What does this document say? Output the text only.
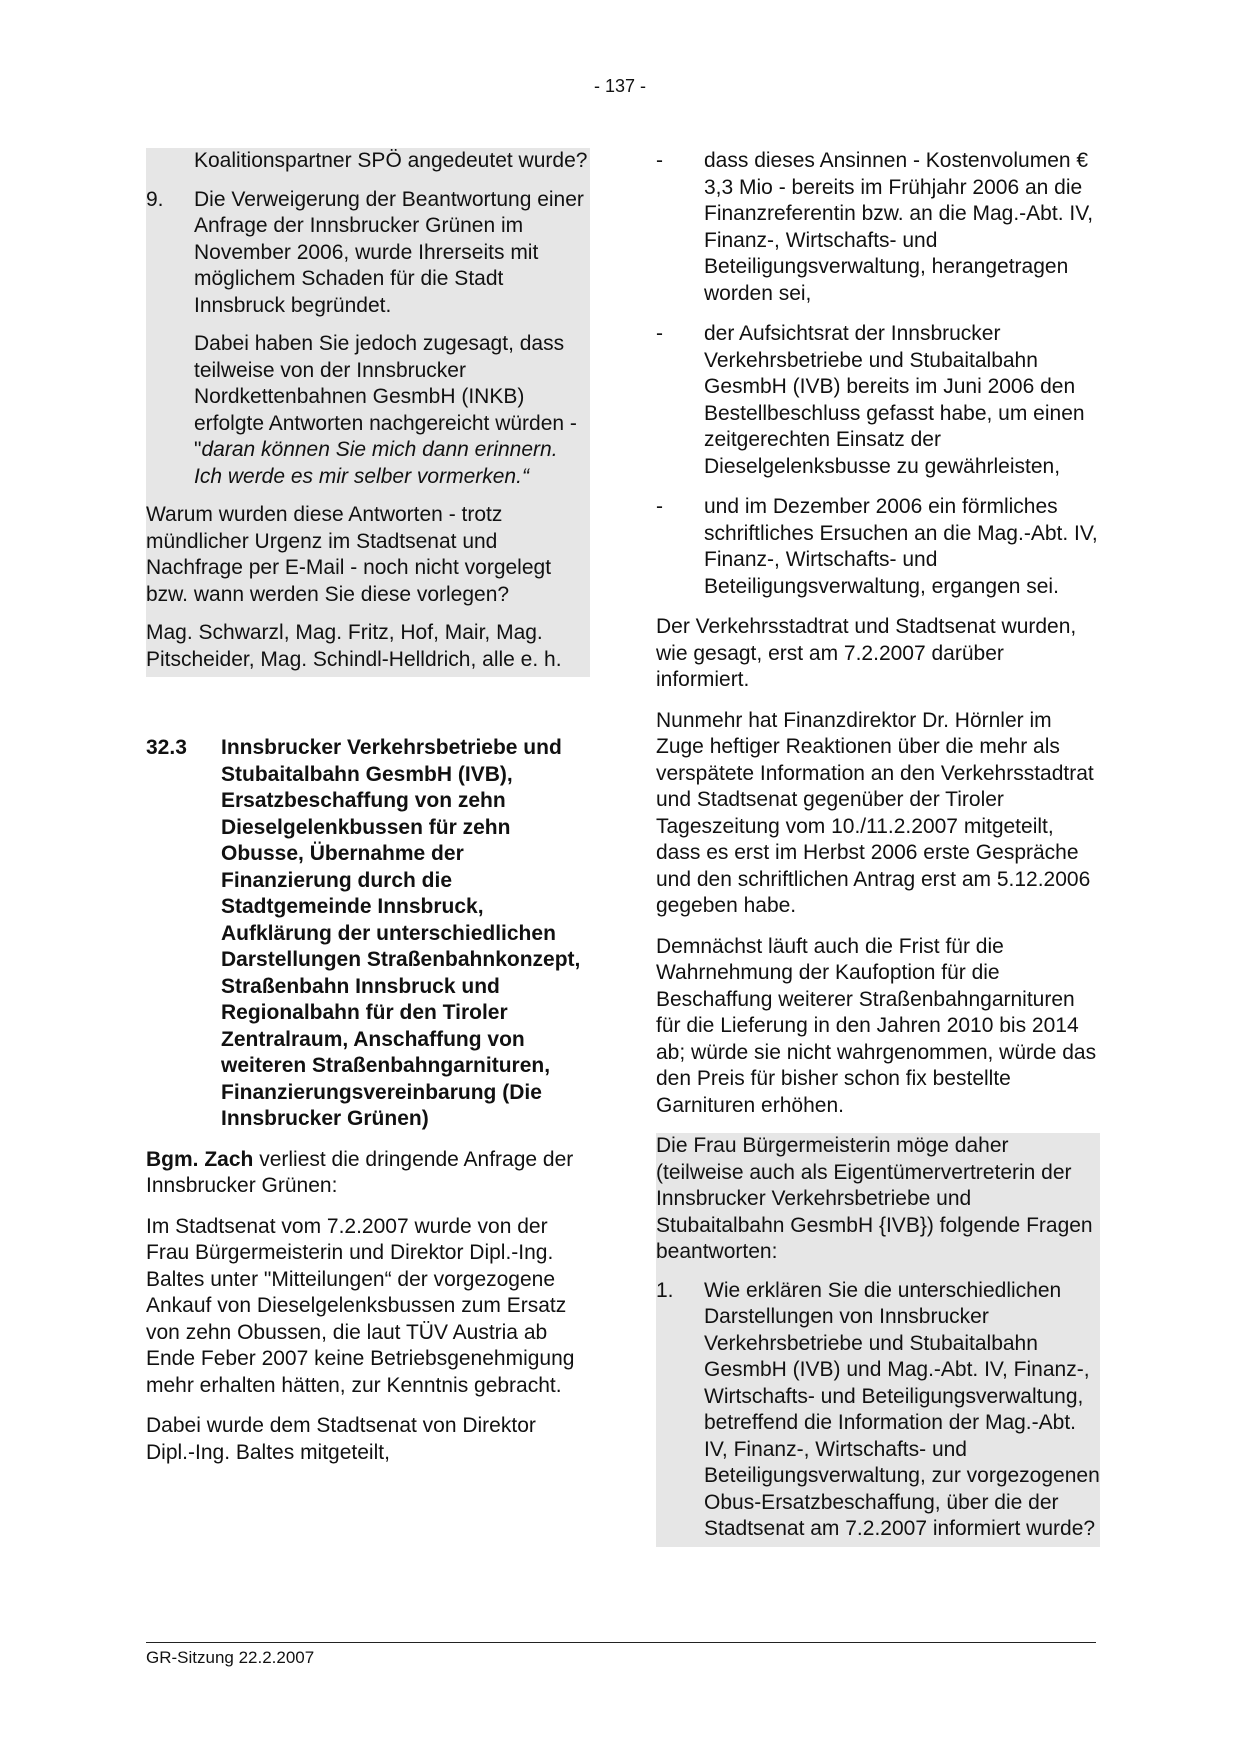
- 137 -

Koalitionspartner SPÖ angedeutet wurde?

9.	Die Verweigerung der Beantwortung einer Anfrage der Innsbrucker Grünen im November 2006, wurde Ihrerseits mit möglichem Schaden für die Stadt Innsbruck begründet.

Dabei haben Sie jedoch zugesagt, dass teilweise von der Innsbrucker Nordkettenbahnen GesmbH (INKB) erfolgte Antworten nachgereicht würden - "daran können Sie mich dann erinnern. Ich werde es mir selber vormerken.“

Warum wurden diese Antworten - trotz mündlicher Urgenz im Stadtsenat und Nachfrage per E-Mail - noch nicht vorgelegt bzw. wann werden Sie diese vorlegen?

Mag. Schwarzl, Mag. Fritz, Hof, Mair, Mag. Pitscheider, Mag. Schindl-Helldrich, alle e. h.

32.3	Innsbrucker Verkehrsbetriebe und Stubaitalbahn GesmbH (IVB), Ersatzbeschaffung von zehn Dieselgelenkbussen für zehn Obusse, Übernahme der Finanzierung durch die Stadtgemeinde Innsbruck, Aufklärung der unterschiedlichen Darstellungen Straßenbahnkonzept, Straßenbahn Innsbruck und Regionalbahn für den Tiroler Zentralraum, Anschaffung von weiteren Straßenbahngarnituren, Finanzierungsvereinbarung (Die Innsbrucker Grünen)

Bgm. Zach verliest die dringende Anfrage der Innsbrucker Grünen:

Im Stadtsenat vom 7.2.2007 wurde von der Frau Bürgermeisterin und Direktor Dipl.-Ing. Baltes unter "Mitteilungen“ der vorgezogene Ankauf von Dieselgelenksbussen zum Ersatz von zehn Obussen, die laut TÜV Austria ab Ende Feber 2007 keine Betriebsgenehmigung mehr erhalten hätten, zur Kenntnis gebracht.

Dabei wurde dem Stadtsenat von Direktor Dipl.-Ing. Baltes mitgeteilt,

-	dass dieses Ansinnen - Kostenvolumen € 3,3 Mio - bereits im Frühjahr 2006 an die Finanzreferentin bzw. an die Mag.-Abt. IV, Finanz-, Wirtschafts- und Beteiligungsverwaltung, herangetragen worden sei,
-	der Aufsichtsrat der Innsbrucker Verkehrsbetriebe und Stubaitalbahn GesmbH (IVB) bereits im Juni 2006 den Bestellbeschluss gefasst habe, um einen zeitgerechten Einsatz der Dieselgelenksbusse zu gewährleisten,
-	und im Dezember 2006 ein förmliches schriftliches Ersuchen an die Mag.-Abt. IV, Finanz-, Wirtschafts- und Beteiligungsverwaltung, ergangen sei.

Der Verkehrsstadtrat und Stadtsenat wurden, wie gesagt, erst am 7.2.2007 darüber informiert.

Nunmehr hat Finanzdirektor Dr. Hörnler im Zuge heftiger Reaktionen über die mehr als verspätete Information an den Verkehrsstadtrat und Stadtsenat gegenüber der Tiroler Tageszeitung vom 10./11.2.2007 mitgeteilt, dass es erst im Herbst 2006 erste Gespräche und den schriftlichen Antrag erst am 5.12.2006 gegeben habe.

Demnächst läuft auch die Frist für die Wahrnehmung der Kaufoption für die Beschaffung weiterer Straßenbahngarnituren für die Lieferung in den Jahren 2010 bis 2014 ab; würde sie nicht wahrgenommen, würde das den Preis für bisher schon fix bestellte Garnituren erhöhen.

Die Frau Bürgermeisterin möge daher (teilweise auch als Eigentümervertreterin der Innsbrucker Verkehrsbetriebe und Stubaitalbahn GesmbH {IVB}) folgende Fragen beantworten:

1.	Wie erklären Sie die unterschiedlichen Darstellungen von Innsbrucker Verkehrsbetriebe und Stubaitalbahn GesmbH (IVB) und Mag.-Abt. IV, Finanz-, Wirtschafts- und Beteiligungsverwaltung, betreffend die Information der Mag.-Abt. IV, Finanz-, Wirtschafts- und Beteiligungsverwaltung, zur vorgezogenen Obus-Ersatzbeschaffung, über die der Stadtsenat am 7.2.2007 informiert wurde?
GR-Sitzung 22.2.2007
